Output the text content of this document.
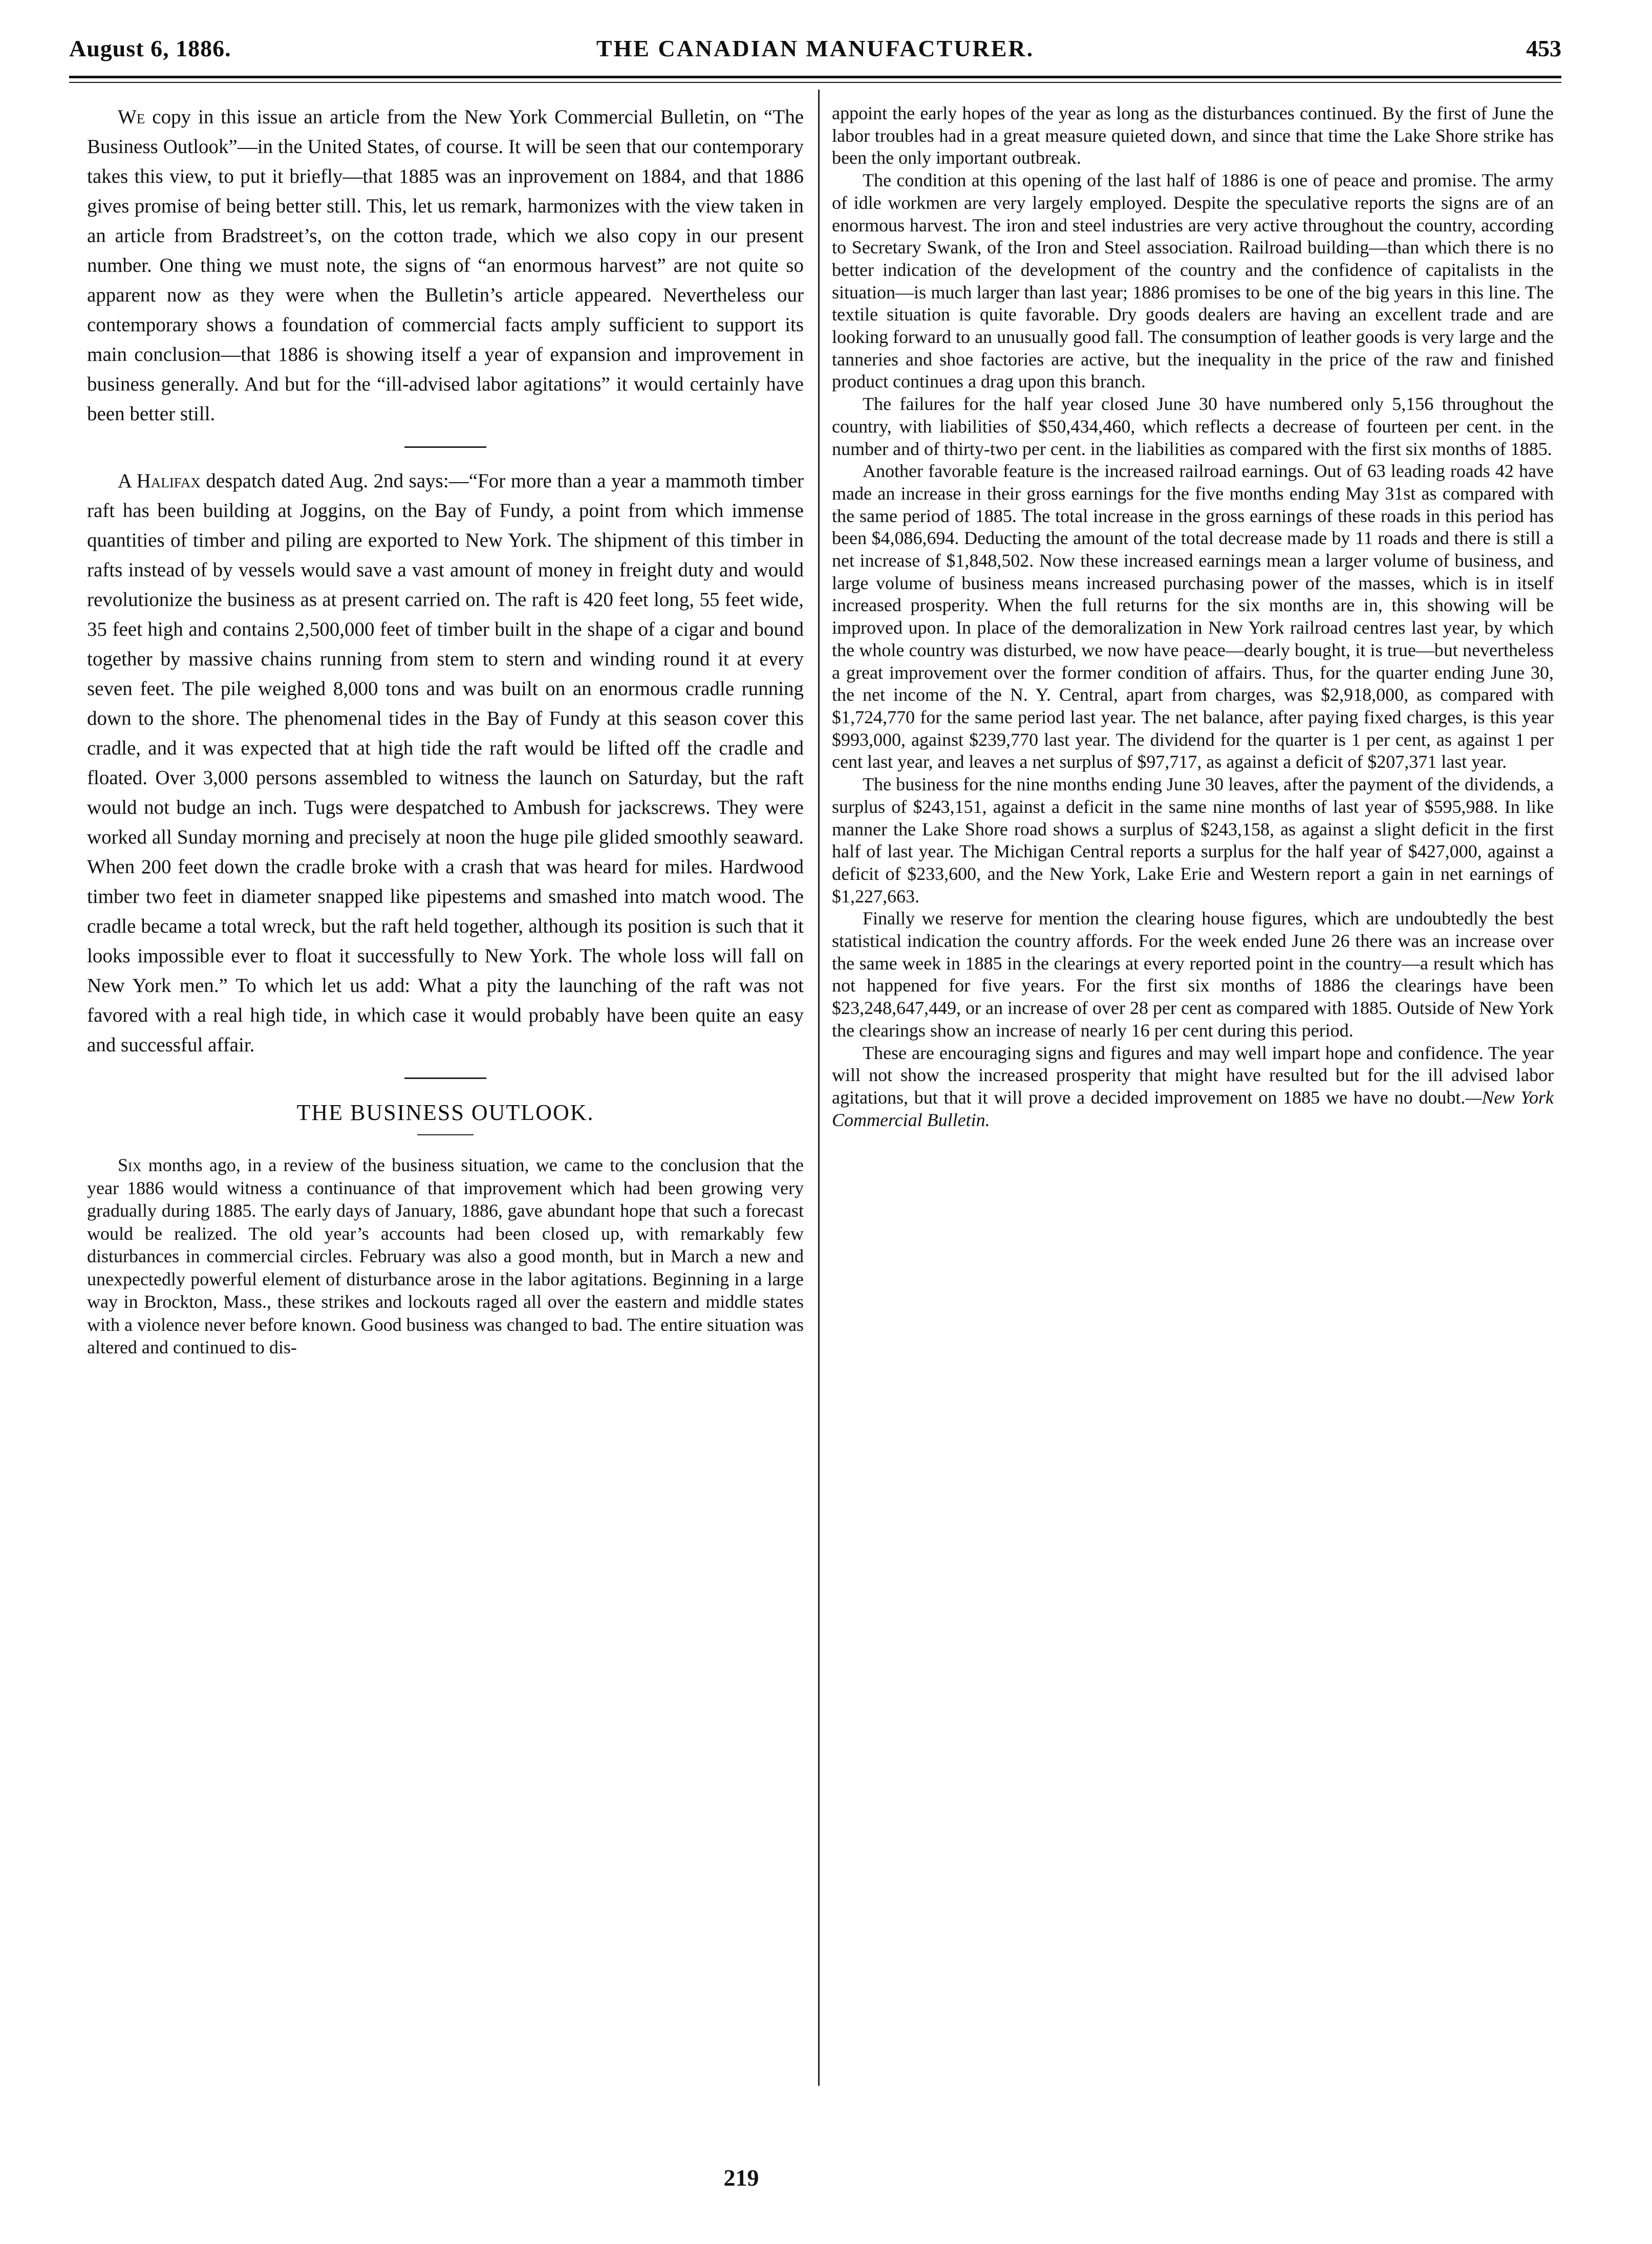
August 6, 1886.	THE CANADIAN MANUFACTURER.	453

We copy in this issue an article from the New York Commercial Bulletin, on “The Business Outlook”—in the United States, of course. It will be seen that our contemporary takes this view, to put it briefly—that 1885 was an inprovement on 1884, and that 1886 gives promise of being better still. This, let us remark, harmonizes with the view taken in an article from Bradstreet’s, on the cotton trade, which we also copy in our present number. One thing we must note, the signs of “an enormous harvest” are not quite so apparent now as they were when the Bulletin’s article appeared. Nevertheless our contemporary shows a foundation of commercial facts amply sufficient to support its main conclusion—that 1886 is showing itself a year of expansion and improvement in business generally. And but for the “ill-advised labor agitations” it would certainly have been better still.

A Halifax despatch dated Aug. 2nd says:—“For more than a year a mammoth timber raft has been building at Joggins, on the Bay of Fundy, a point from which immense quantities of timber and piling are exported to New York. The shipment of this timber in rafts instead of by vessels would save a vast amount of money in freight duty and would revolutionize the business as at present carried on. The raft is 420 feet long, 55 feet wide, 35 feet high and contains 2,500,000 feet of timber built in the shape of a cigar and bound together by massive chains running from stem to stern and winding round it at every seven feet. The pile weighed 8,000 tons and was built on an enormous cradle running down to the shore. The phenomenal tides in the Bay of Fundy at this season cover this cradle, and it was expected that at high tide the raft would be lifted off the cradle and floated. Over 3,000 persons assembled to witness the launch on Saturday, but the raft would not budge an inch. Tugs were despatched to Ambush for jackscrews. They were worked all Sunday morning and precisely at noon the huge pile glided smoothly seaward. When 200 feet down the cradle broke with a crash that was heard for miles. Hardwood timber two feet in diameter snapped like pipestems and smashed into match wood. The cradle became a total wreck, but the raft held together, although its position is such that it looks impossible ever to float it successfully to New York. The whole loss will fall on New York men.” To which let us add: What a pity the launching of the raft was not favored with a real high tide, in which case it would probably have been quite an easy and successful affair.

THE BUSINESS OUTLOOK.

Six months ago, in a review of the business situation, we came to the conclusion that the year 1886 would witness a continuance of that improvement which had been growing very gradually during 1885. The early days of January, 1886, gave abundant hope that such a forecast would be realized. The old year’s accounts had been closed up, with remarkably few disturbances in commercial circles. February was also a good month, but in March a new and unexpectedly powerful element of disturbance arose in the labor agitations. Beginning in a large way in Brockton, Mass., these strikes and lockouts raged all over the eastern and middle states with a violence never before known. Good business was changed to bad. The entire situation was altered and continued to dis-

appoint the early hopes of the year as long as the disturbances continued. By the first of June the labor troubles had in a great measure quieted down, and since that time the Lake Shore strike has been the only important outbreak.

The condition at this opening of the last half of 1886 is one of peace and promise. The army of idle workmen are very largely employed. Despite the speculative reports the signs are of an enormous harvest. The iron and steel industries are very active throughout the country, according to Secretary Swank, of the Iron and Steel association. Railroad building—than which there is no better indication of the development of the country and the confidence of capitalists in the situation—is much larger than last year; 1886 promises to be one of the big years in this line. The textile situation is quite favorable. Dry goods dealers are having an excellent trade and are looking forward to an unusually good fall. The consumption of leather goods is very large and the tanneries and shoe factories are active, but the inequality in the price of the raw and finished product continues a drag upon this branch.

The failures for the half year closed June 30 have numbered only 5,156 throughout the country, with liabilities of $50,434,460, which reflects a decrease of fourteen per cent. in the number and of thirty-two per cent. in the liabilities as compared with the first six months of 1885.

Another favorable feature is the increased railroad earnings. Out of 63 leading roads 42 have made an increase in their gross earnings for the five months ending May 31st as compared with the same period of 1885. The total increase in the gross earnings of these roads in this period has been $4,086,694. Deducting the amount of the total decrease made by 11 roads and there is still a net increase of $1,848,502. Now these increased earnings mean a larger volume of business, and large volume of business means increased purchasing power of the masses, which is in itself increased prosperity. When the full returns for the six months are in, this showing will be improved upon. In place of the demoralization in New York railroad centres last year, by which the whole country was disturbed, we now have peace—dearly bought, it is true—but nevertheless a great improvement over the former condition of affairs. Thus, for the quarter ending June 30, the net income of the N. Y. Central, apart from charges, was $2,918,000, as compared with $1,724,770 for the same period last year. The net balance, after paying fixed charges, is this year $993,000, against $239,770 last year. The dividend for the quarter is 1 per cent, as against 1 per cent last year, and leaves a net surplus of $97,717, as against a deficit of $207,371 last year.

The business for the nine months ending June 30 leaves, after the payment of the dividends, a surplus of $243,151, against a deficit in the same nine months of last year of $595,988. In like manner the Lake Shore road shows a surplus of $243,158, as against a slight deficit in the first half of last year. The Michigan Central reports a surplus for the half year of $427,000, against a deficit of $233,600, and the New York, Lake Erie and Western report a gain in net earnings of $1,227,663.

Finally we reserve for mention the clearing house figures, which are undoubtedly the best statistical indication the country affords. For the week ended June 26 there was an increase over the same week in 1885 in the clearings at every reported point in the country—a result which has not happened for five years. For the first six months of 1886 the clearings have been $23,248,647,449, or an increase of over 28 per cent as compared with 1885. Outside of New York the clearings show an increase of nearly 16 per cent during this period.

These are encouraging signs and figures and may well impart hope and confidence. The year will not show the increased prosperity that might have resulted but for the ill advised labor agitations, but that it will prove a decided improvement on 1885 we have no doubt.—New York Commercial Bulletin.

219
